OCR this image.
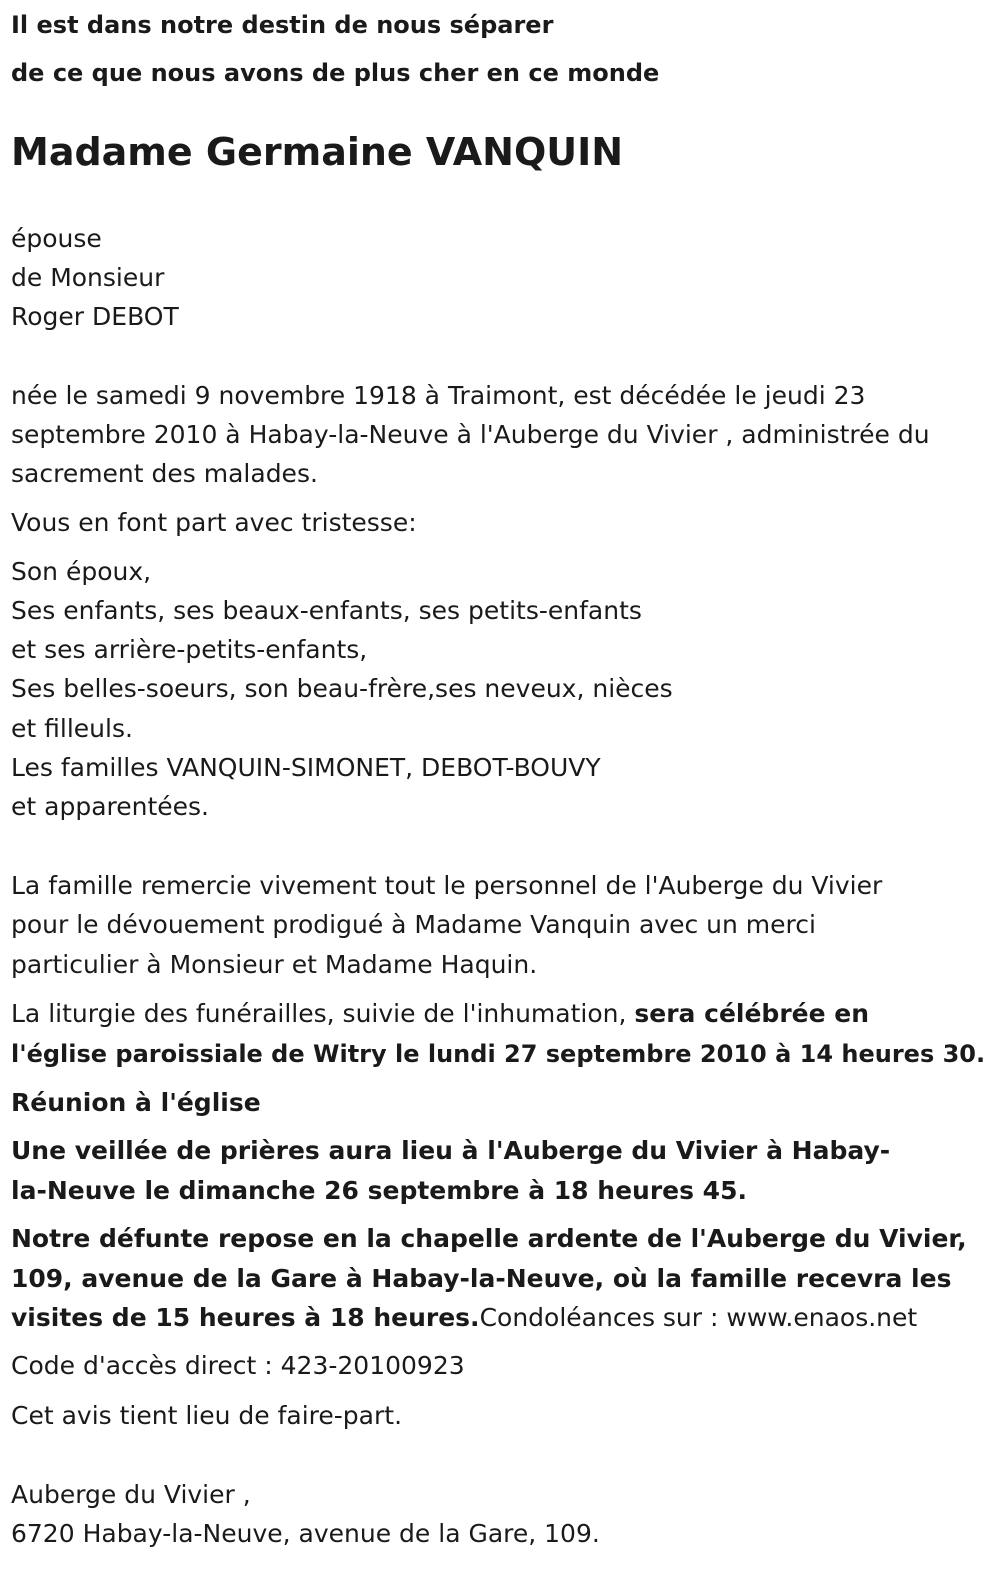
Il est dans notre destin de nous séparer
de ce que nous avons de plus cher en ce monde
Madame Germaine VANQUIN
épouse
de Monsieur
Roger DEBOT
née le samedi 9 novembre 1918 à Traimont, est décédée le jeudi 23
septembre 2010 à Habay-la-Neuve à l'Auberge du Vivier , administrée du
sacrement des malades.
Vous en font part avec tristesse:
Son époux,
Ses enfants, ses beaux-enfants, ses petits-enfants
et ses arrière-petits-enfants,
Ses belles-soeurs, son beau-frère,ses neveux, nièces
et filleuls.
Les familles VANQUIN-SIMONET, DEBOT-BOUVY
et apparentées.
La famille remercie vivement tout le personnel de l'Auberge du Vivier
pour le dévouement prodigué à Madame Vanquin avec un merci
particulier à Monsieur et Madame Haquin.
La liturgie des funérailles, suivie de l'inhumation, sera célébrée en
l'église paroissiale de Witry le lundi 27 septembre 2010 à 14 heures 30.
Réunion à l'église
Une veillée de prières aura lieu à l'Auberge du Vivier à Habay-
la-Neuve le dimanche 26 septembre à 18 heures 45.
Notre défunte repose en la chapelle ardente de l'Auberge du Vivier,
109, avenue de la Gare à Habay-la-Neuve, où la famille recevra les
visites de 15 heures à 18 heures.Condoléances sur : www.enaos.net
Code d'accès direct : 423-20100923
Cet avis tient lieu de faire-part.
Auberge du Vivier ,
6720 Habay-la-Neuve, avenue de la Gare, 109.
